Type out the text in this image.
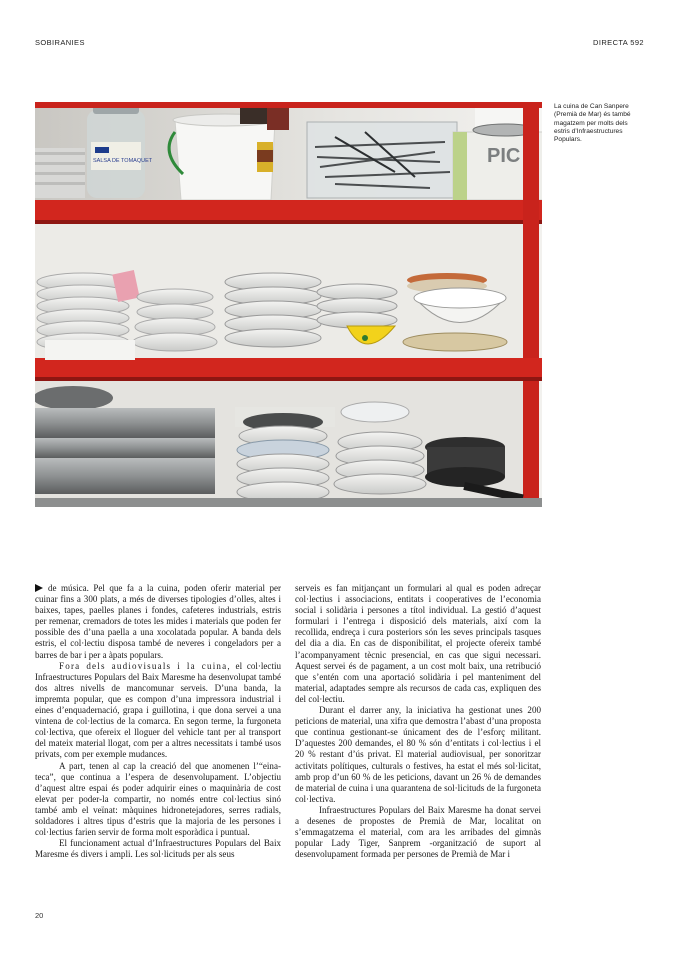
SOBIRANIES	DIRECTA 592
SALSA DE TOMAQUET	PIC
La cuina de Can Sanpere (Premià de Mar) és també magatzem per molts dels estris d’Infraestructures Populars.

de música. Pel que fa a la cuina, poden oferir material per cuinar fins a 300 plats, a més de diverses tipologies d’olles, altes i baixes, tapes, paelles planes i fondes, cafeteres industrials, estris per remenar, cremadors de totes les mides i materials que poden fer possible des d’una paella a una xocolatada popular. A banda dels estris, el col·lectiu disposa també de neveres i congeladors per a barres de bar i per a àpats populars.

Fora dels audiovisuals i la cuina, el col·lectiu Infraestructures Populars del Baix Maresme ha desenvolupat també dos altres nivells de mancomunar serveis. D’una banda, la impremta popular, que es compon d’una impressora industrial i eines d’enquadernació, grapa i guillotina, i que dona servei a una vintena de col·lectius de la comarca. En segon terme, la furgoneta col·lectiva, que ofereix el lloguer del vehicle tant per al transport del mateix material llogat, com per a altres necessitats i també usos privats, com per exemple mudances.

A part, tenen al cap la creació del que anomenen l’“eina-teca”, que continua a l’espera de desenvolupament. L’objectiu d’aquest altre espai és poder adquirir eines o maquinària de cost elevat per poder-la compartir, no només entre col·lectius sinó també amb el veïnat: màquines hidronetejadores, serres radials, soldadores i altres tipus d’estris que la majoria de les persones i col·lectius farien servir de forma molt esporàdica i puntual.

El funcionament actual d’Infraestructures Populars del Baix Maresme és divers i ampli. Les sol·licituds per als seus

serveis es fan mitjançant un formulari al qual es poden adreçar col·lectius i associacions, entitats i cooperatives de l’economia social i solidària i persones a títol individual. La gestió d’aquest formulari i l’entrega i disposició dels materials, així com la recollida, endreça i cura posteriors són les seves principals tasques del dia a dia. En cas de disponibilitat, el projecte ofereix també l’acompanyament tècnic presencial, en cas que sigui necessari. Aquest servei és de pagament, a un cost molt baix, una retribució que s’entén com una aportació solidària i pel manteniment del material, adaptades sempre als recursos de cada cas, expliquen des del col·lectiu.

Durant el darrer any, la iniciativa ha gestionat unes 200 peticions de material, una xifra que demostra l’abast d’una proposta que continua gestionant-se únicament des de l’esforç militant. D’aquestes 200 demandes, el 80 % són d’entitats i col·lectius i el 20 % restant d’ús privat. El material audiovisual, per sonoritzar activitats polítiques, culturals o festives, ha estat el més sol·licitat, amb prop d’un 60 % de les peticions, davant un 26 % de demandes de material de cuina i una quarantena de sol·licituds de la furgoneta col·lectiva.

Infraestructures Populars del Baix Maresme ha donat servei a desenes de propostes de Premià de Mar, localitat on s’emmagatzema el material, com ara les arribades del gimnàs popular Lady Tiger, Sanprem -organització de suport al desenvolupament formada per persones de Premià de Mar i

20
